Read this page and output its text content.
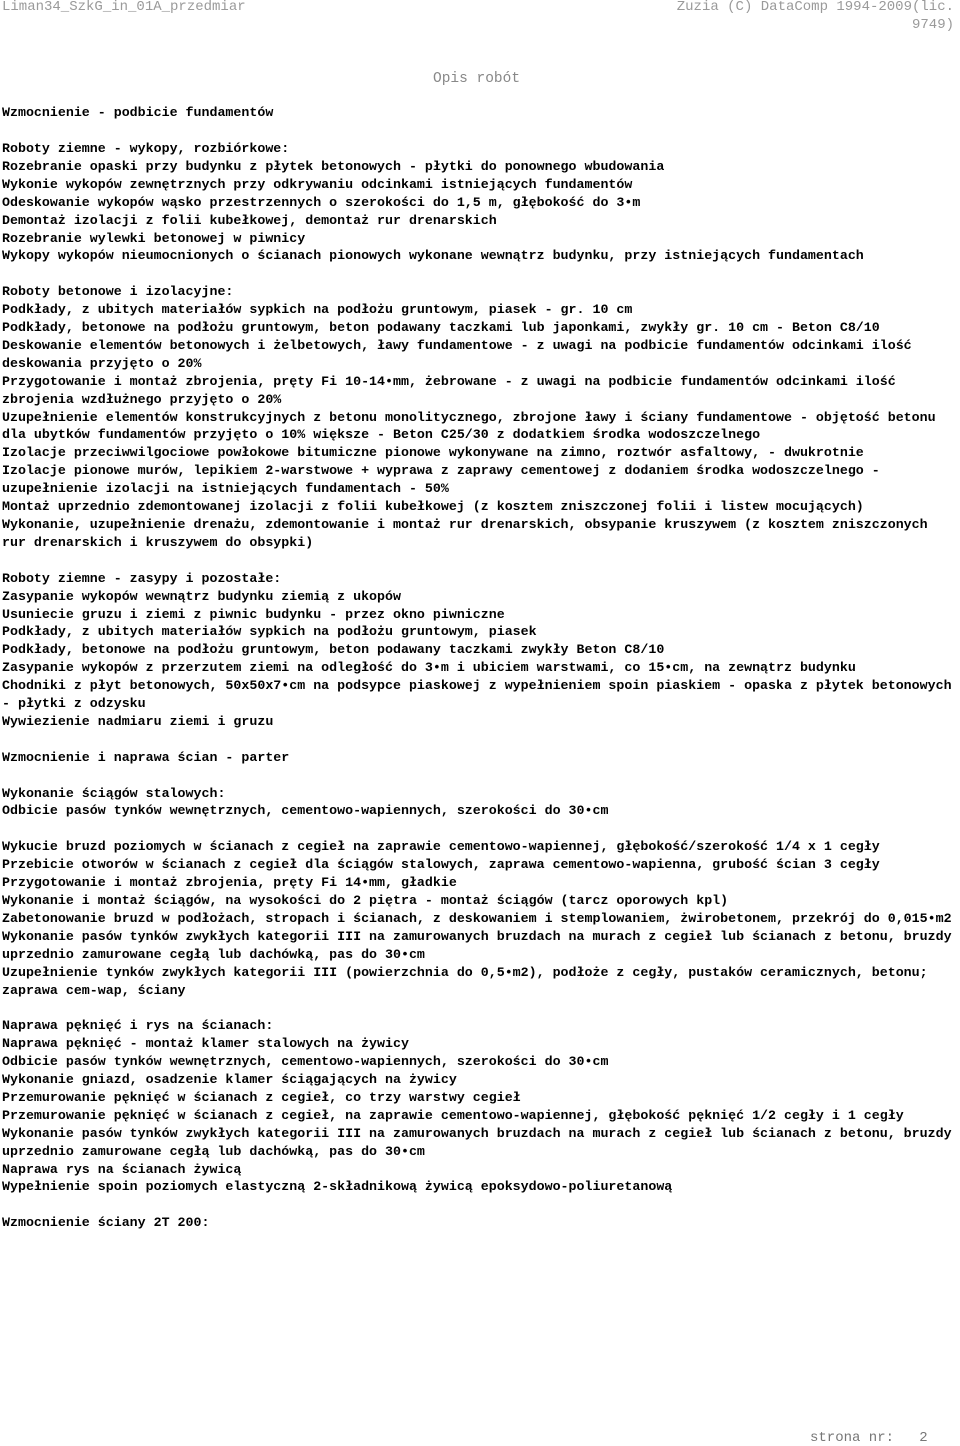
Liman34_SzkG_in_01A_przedmiar	Zuzia (C) DataComp 1994-2009(lic.
9749)
Opis robót
Wzmocnienie - podbicie fundamentów
Roboty ziemne - wykopy, rozbiórkowe:
Rozebranie opaski przy budynku z płytek betonowych - płytki do ponownego wbudowania
Wykonie wykopów zewnętrznych przy odkrywaniu odcinkami istniejących fundamentów
Odeskowanie wykopów wąsko przestrzennych o szerokości do 1,5 m, głębokość do 3•m
Demontaż izolacji z folii kubełkowej, demontaż rur drenarskich
Rozebranie wylewki betonowej w piwnicy
Wykopy wykopów nieumocnionych o ścianach pionowych wykonane wewnątrz budynku, przy istniejących fundamentach
Roboty betonowe i izolacyjne:
Podkłady, z ubitych materiałów sypkich na podłożu gruntowym, piasek - gr. 10 cm
Podkłady, betonowe na podłożu gruntowym, beton podawany taczkami lub japonkami, zwykły gr. 10 cm - Beton C8/10
Deskowanie elementów betonowych i żelbetowych, ławy fundamentowe - z uwagi na podbicie fundamentów odcinkami ilość deskowania przyjęto o 20%
Przygotowanie i montaż zbrojenia, pręty Fi 10-14•mm, żebrowane - z uwagi na podbicie fundamentów odcinkami ilość zbrojenia wzdłużnego przyjęto o 20%
Uzupełnienie elementów konstrukcyjnych z betonu monolitycznego, zbrojone ławy i ściany fundamentowe - objętość betonu dla ubytków fundamentów przyjęto o 10% większe - Beton C25/30 z dodatkiem środka wodoszczelnego
Izolacje przeciwwilgociowe powłokowe bitumiczne pionowe wykonywane na zimno, roztwór asfaltowy, - dwukrotnie
Izolacje pionowe murów, lepikiem 2-warstwowe + wyprawa z zaprawy cementowej z dodaniem środka wodoszczelnego - uzupełnienie izolacji na istniejących fundamentach - 50%
Montaż uprzednio zdemontowanej izolacji z folii kubełkowej (z kosztem zniszczonej folii i listew mocujących)
Wykonanie, uzupełnienie drenażu, zdemontowanie i montaż rur drenarskich, obsypanie kruszywem (z kosztem zniszczonych rur drenarskich i kruszywem do obsypki)
Roboty ziemne - zasypy i pozostałe:
Zasypanie wykopów wewnątrz budynku ziemią z ukopów
Usuniecie gruzu i ziemi z piwnic budynku - przez okno piwniczne
Podkłady, z ubitych materiałów sypkich na podłożu gruntowym, piasek
Podkłady, betonowe na podłożu gruntowym, beton podawany taczkami zwykły Beton C8/10
Zasypanie wykopów z przerzutem ziemi na odległość do 3•m i ubiciem warstwami, co 15•cm, na zewnątrz budynku
Chodniki z płyt betonowych, 50x50x7•cm na podsypce piaskowej z wypełnieniem spoin piaskiem - opaska z płytek betonowych - płytki z odzysku
Wywiezienie nadmiaru ziemi i gruzu
Wzmocnienie i naprawa ścian - parter
Wykonanie ściągów stalowych:
Odbicie pasów tynków wewnętrznych, cementowo-wapiennych, szerokości do 30•cm
Wykucie bruzd poziomych w ścianach z cegieł na zaprawie cementowo-wapiennej, głębokość/szerokość 1/4 x 1 cegły
Przebicie otworów w ścianach z cegieł dla ściągów stalowych, zaprawa cementowo-wapienna, grubość ścian 3 cegły
Przygotowanie i montaż zbrojenia, pręty Fi 14•mm, gładkie
Wykonanie i montaż ściągów, na wysokości do 2 piętra - montaż ściągów (tarcz oporowych kpl)
Zabetonowanie bruzd w podłożach, stropach i ścianach, z deskowaniem i stemplowaniem, żwirobetonem, przekrój do 0,015•m2
Wykonanie pasów tynków zwykłych kategorii III na zamurowanych bruzdach na murach z cegieł lub ścianach z betonu, bruzdy uprzednio zamurowane cegłą lub dachówką, pas do 30•cm
Uzupełnienie tynków zwykłych kategorii III (powierzchnia do 0,5•m2), podłoże z cegły, pustaków ceramicznych, betonu; zaprawa cem-wap, ściany
Naprawa pęknięć i rys na ścianach:
Naprawa pęknięć - montaż klamer stalowych na żywicy
Odbicie pasów tynków wewnętrznych, cementowo-wapiennych, szerokości do 30•cm
Wykonanie gniazd, osadzenie klamer ściągających na żywicy
Przemurowanie pęknięć w ścianach z cegieł, co trzy warstwy cegieł
Przemurowanie pęknięć w ścianach z cegieł, na zaprawie cementowo-wapiennej, głębokość pęknięć 1/2 cegły i 1 cegły
Wykonanie pasów tynków zwykłych kategorii III na zamurowanych bruzdach na murach z cegieł lub ścianach z betonu, bruzdy uprzednio zamurowane cegłą lub dachówką, pas do 30•cm
Naprawa rys na ścianach żywicą
Wypełnienie spoin poziomych elastyczną 2-składnikową żywicą epoksydowo-poliuretanową
Wzmocnienie ściany 2T 200:
strona nr: 2
